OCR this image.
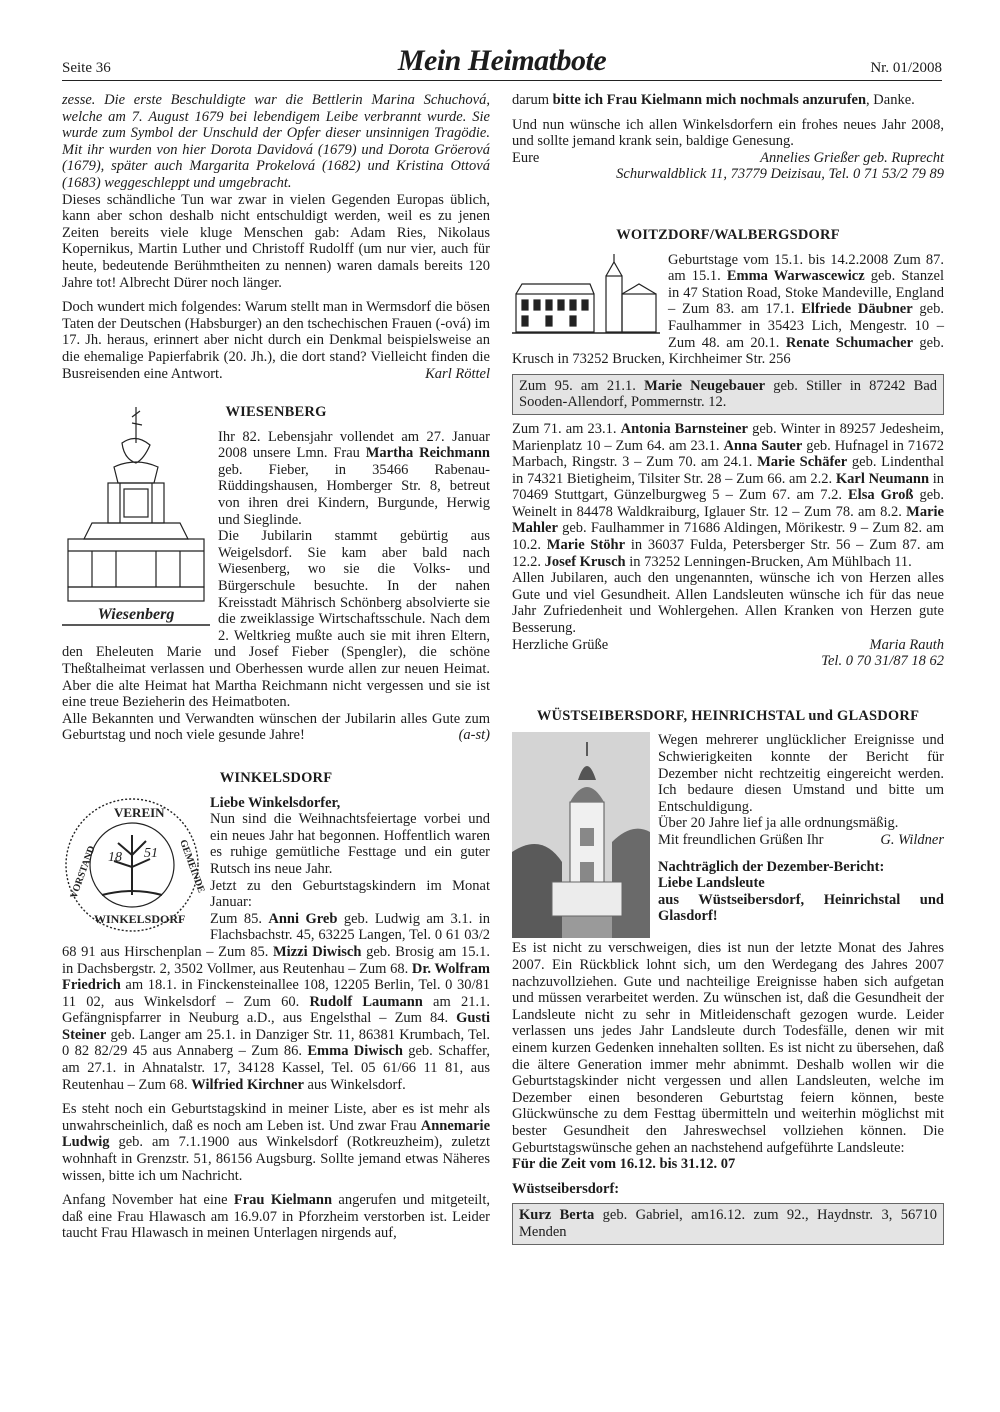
Seite 36	Mein Heimatbote	Nr. 01/2008

zesse. Die erste Beschuldigte war die Bettlerin Marina Schuchová, welche am 7. August 1679 bei lebendigem Leibe verbrannt wurde. Sie wurde zum Symbol der Unschuld der Opfer dieser unsinnigen Tragödie. Mit ihr wurden von hier Dorota Davidová (1679) und Dorota Gröerová (1679), später auch Margarita Prokelová (1682) und Kristina Ottová (1683) weggeschleppt und umgebracht.

Dieses schändliche Tun war zwar in vielen Gegenden Europas üblich, kann aber schon deshalb nicht entschuldigt werden, weil es zu jenen Zeiten bereits viele kluge Menschen gab: Adam Ries, Nikolaus Kopernikus, Martin Luther und Christoff Rudolff (um nur vier, auch für heute, bedeutende Berühmtheiten zu nennen) waren damals bereits 120 Jahre tot! Albrecht Dürer noch länger.

Doch wundert mich folgendes: Warum stellt man in Wermsdorf die bösen Taten der Deutschen (Habsburger) an den tschechischen Frauen (-ová) im 17. Jh. heraus, erinnert aber nicht durch ein Denkmal beispielsweise an die ehemalige Papierfabrik (20. Jh.), die dort stand? Vielleicht finden die Busreisenden eine Antwort.	Karl Röttel

WIESENBERG
Wiesenberg

Ihr 82. Lebensjahr vollendet am 27. Januar 2008 unsere Lmn. Frau Martha Reichmann geb. Fieber, in 35466 Rabenau-Rüddingshausen, Homberger Str. 8, betreut von ihren drei Kindern, Burgunde, Herwig und Sieglinde.

Die Jubilarin stammt gebürtig aus Weigelsdorf. Sie kam aber bald nach Wiesenberg, wo sie die Volks- und Bürgerschule besuchte. In der nahen Kreisstadt Mährisch Schönberg absolvierte sie die zweiklassige Wirtschaftsschule. Nach dem 2. Weltkrieg mußte auch sie mit ihren Eltern, den Eheleuten Marie und Josef Fieber (Spengler), die schöne Theßtalheimat verlassen und Oberhessen wurde allen zur neuen Heimat. Aber die alte Heimat hat Martha Reichmann nicht vergessen und sie ist eine treue Bezieherin des Heimatboten.

Alle Bekannten und Verwandten wünschen der Jubilarin alles Gute zum Geburtstag und noch viele gesunde Jahre!	(a-st)

WINKELSDORF
18 51
VEREIN
GEMEINDE
VORSTAND
WINKELSDORF

Liebe Winkelsdorfer,

Nun sind die Weihnachtsfeiertage vorbei und ein neues Jahr hat begonnen. Hoffentlich waren es ruhige gemütliche Festtage und ein guter Rutsch ins neue Jahr.

Jetzt zu den Geburtstagskindern im Monat Januar:

Zum 85. Anni Greb geb. Ludwig am 3.1. in Flachsbachstr. 45, 63225 Langen, Tel. 0 61 03/2 68 91 aus Hirschenplan – Zum 85. Mizzi Diwisch geb. Brosig am 15.1. in Dachsbergstr. 2, 3502 Vollmer, aus Reutenhau – Zum 68. Dr. Wolfram Friedrich am 18.1. in Finckensteinallee 108, 12205 Berlin, Tel. 0 30/81 11 02, aus Winkelsdorf – Zum 60. Rudolf Laumann am 21.1. Gefängnispfarrer in Neuburg a.D., aus Engelsthal – Zum 84. Gusti Steiner geb. Langer am 25.1. in Danziger Str. 11, 86381 Krumbach, Tel. 0 82 82/29 45 aus Annaberg – Zum 86. Emma Diwisch geb. Schaffer, am 27.1. in Ahnatalstr. 17, 34128 Kassel, Tel. 05 61/66 11 81, aus Reutenhau – Zum 68. Wilfried Kirchner aus Winkelsdorf.

Es steht noch ein Geburtstagskind in meiner Liste, aber es ist mehr als unwahrscheinlich, daß es noch am Leben ist. Und zwar Frau Annemarie Ludwig geb. am 7.1.1900 aus Winkelsdorf (Rotkreuzheim), zuletzt wohnhaft in Grenzstr. 51, 86156 Augsburg. Sollte jemand etwas Näheres wissen, bitte ich um Nachricht.

Anfang November hat eine Frau Kielmann angerufen und mitgeteilt, daß eine Frau Hlawasch am 16.9.07 in Pforzheim verstorben ist. Leider taucht Frau Hlawasch in meinen Unterlagen nirgends auf,

darum bitte ich Frau Kielmann mich nochmals anzurufen, Danke.

Und nun wünsche ich allen Winkelsdorfern ein frohes neues Jahr 2008, und sollte jemand krank sein, baldige Genesung.

Eure	Annelies Grießer geb. Ruprecht

Schurwaldblick 11, 73779 Deizisau, Tel. 0 71 53/2 79 89

WOITZDORF/WALBERGSDORF

Geburtstage vom 15.1. bis 14.2.2008 Zum 87. am 15.1. Emma Warwascewicz geb. Stanzel in 47 Station Road, Stoke Mandeville, England – Zum 83. am 17.1. Elfriede Däubner geb. Faulhammer in 35423 Lich, Mengestr. 10 – Zum 48. am 20.1. Renate Schumacher geb. Krusch in 73252 Brucken, Kirchheimer Str. 256

Zum 95. am 21.1. Marie Neugebauer geb. Stiller in 87242 Bad Sooden-Allendorf, Pommernstr. 12.

Zum 71. am 23.1. Antonia Barnsteiner geb. Winter in 89257 Jedesheim, Marienplatz 10 – Zum 64. am 23.1. Anna Sauter geb. Hufnagel in 71672 Marbach, Ringstr. 3 – Zum 70. am 24.1. Marie Schäfer geb. Lindenthal in 74321 Bietigheim, Tilsiter Str. 28 – Zum 66. am 2.2. Karl Neumann in 70469 Stuttgart, Günzelburgweg 5 – Zum 67. am 7.2. Elsa Groß geb. Weinelt in 84478 Waldkraiburg, Iglauer Str. 12 – Zum 78. am 8.2. Marie Mahler geb. Faulhammer in 71686 Aldingen, Mörikestr. 9 – Zum 82. am 10.2. Marie Stöhr in 36037 Fulda, Petersberger Str. 56 – Zum 87. am 12.2. Josef Krusch in 73252 Lenningen-Brucken, Am Mühlbach 11.

Allen Jubilaren, auch den ungenannten, wünsche ich von Herzen alles Gute und viel Gesundheit. Allen Landsleuten wünsche ich für das neue Jahr Zufriedenheit und Wohlergehen. Allen Kranken von Herzen gute Besserung.

Herzliche Grüße	Maria Rauth

Tel. 0 70 31/87 18 62

WÜSTSEIBERSDORF, HEINRICHSTAL und GLASDORF

Wegen mehrerer unglücklicher Ereignisse und Schwierigkeiten konnte der Bericht für Dezember nicht rechtzeitig eingereicht werden. Ich bedaure diesen Umstand und bitte um Entschuldigung.

Über 20 Jahre lief ja alle ordnungsmäßig.

Mit freundlichen Grüßen Ihr	G. Wildner

Nachträglich der Dezember-Bericht:

Liebe Landsleute

aus Wüstseibersdorf, Heinrichstal und Glasdorf!

Es ist nicht zu verschweigen, dies ist nun der letzte Monat des Jahres 2007. Ein Rückblick lohnt sich, um den Werdegang des Jahres 2007 nachzuvollziehen. Gute und nachteilige Ereignisse haben sich aufgetan und müssen verarbeitet werden. Zu wünschen ist, daß die Gesundheit der Landsleute nicht zu sehr in Mitleidenschaft gezogen wurde. Leider verlassen uns jedes Jahr Landsleute durch Todesfälle, denen wir mit einem kurzen Gedenken innehalten sollten. Es ist nicht zu übersehen, daß die ältere Generation immer mehr abnimmt. Deshalb wollen wir die Geburtstagskinder nicht vergessen und allen Landsleuten, welche im Dezember einen besonderen Geburtstag feiern können, beste Glückwünsche zu dem Festtag übermitteln und weiterhin möglichst mit bester Gesundheit den Jahreswechsel vollziehen können. Die Geburtstagswünsche gehen an nachstehend aufgeführte Landsleute:

Für die Zeit vom 16.12. bis 31.12. 07

Wüstseibersdorf:

Kurz Berta geb. Gabriel, am16.12. zum 92., Haydnstr. 3, 56710 Menden
